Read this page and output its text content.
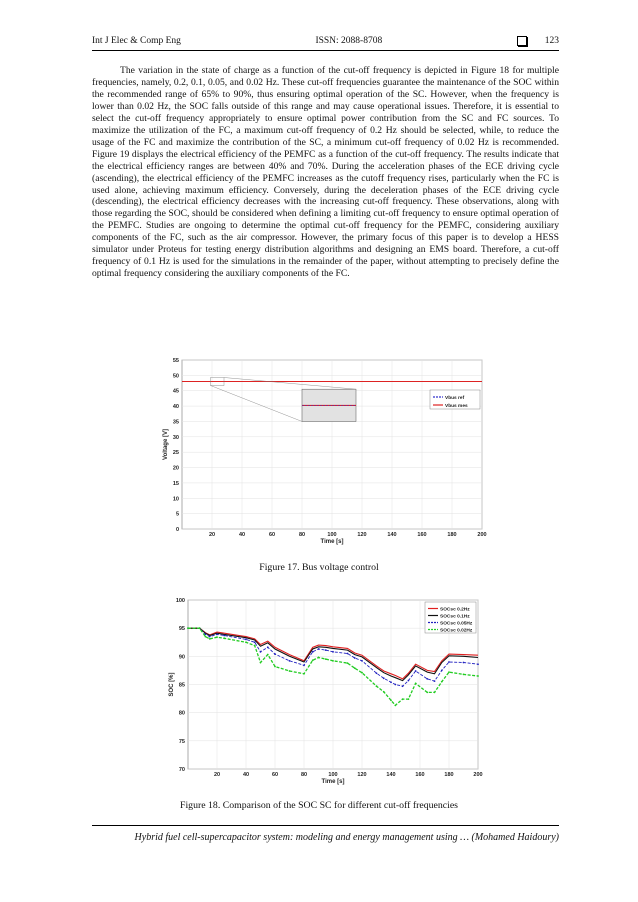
Int J Elec & Comp Eng	ISSN: 2088-8708	123

The variation in the state of charge as a function of the cut-off frequency is depicted in Figure 18 for multiple frequencies, namely, 0.2, 0.1, 0.05, and 0.02 Hz. These cut-off frequencies guarantee the maintenance of the SOC within the recommended range of 65% to 90%, thus ensuring optimal operation of the SC. However, when the frequency is lower than 0.02 Hz, the SOC falls outside of this range and may cause operational issues. Therefore, it is essential to select the cut-off frequency appropriately to ensure optimal power contribution from the SC and FC sources. To maximize the utilization of the FC, a maximum cut-off frequency of 0.2 Hz should be selected, while, to reduce the usage of the FC and maximize the contribution of the SC, a minimum cut-off frequency of 0.02 Hz is recommended. Figure 19 displays the electrical efficiency of the PEMFC as a function of the cut-off frequency. The results indicate that the electrical efficiency ranges are between 40% and 70%. During the acceleration phases of the ECE driving cycle (ascending), the electrical efficiency of the PEMFC increases as the cutoff frequency rises, particularly when the FC is used alone, achieving maximum efficiency. Conversely, during the deceleration phases of the ECE driving cycle (descending), the electrical efficiency decreases with the increasing cut-off frequency. These observations, along with those regarding the SOC, should be considered when defining a limiting cut-off frequency to ensure optimal operation of the PEMFC. Studies are ongoing to determine the optimal cut-off frequency for the PEMFC, considering auxiliary components of the FC, such as the air compressor. However, the primary focus of this paper is to develop a HESS simulator under Proteus for testing energy distribution algorithms and designing an EMS board. Therefore, a cut-off frequency of 0.1 Hz is used for the simulations in the remainder of the paper, without attempting to precisely define the optimal frequency considering the auxiliary components of the FC.

20	40	60	80	100	120	140	160	180	200
0
5
10
15
20
25
30
35
40
45
50
55
Time [s]
Voltage [V]
Vbus ref
Vbus mes
Figure 17. Bus voltage control
20	40	60	80	100	120	140	160	180	200
70
75
80
85
90
95
100
Time [s]
SOC [%]
SOCsc 0.2Hz
SOCsc 0.1Hz
SOCsc 0.05Hz
SOCsc 0.02Hz
Figure 18. Comparison of the SOC SC for different cut-off frequencies
Hybrid fuel cell-supercapacitor system: modeling and energy management using … (Mohamed Haidoury)
